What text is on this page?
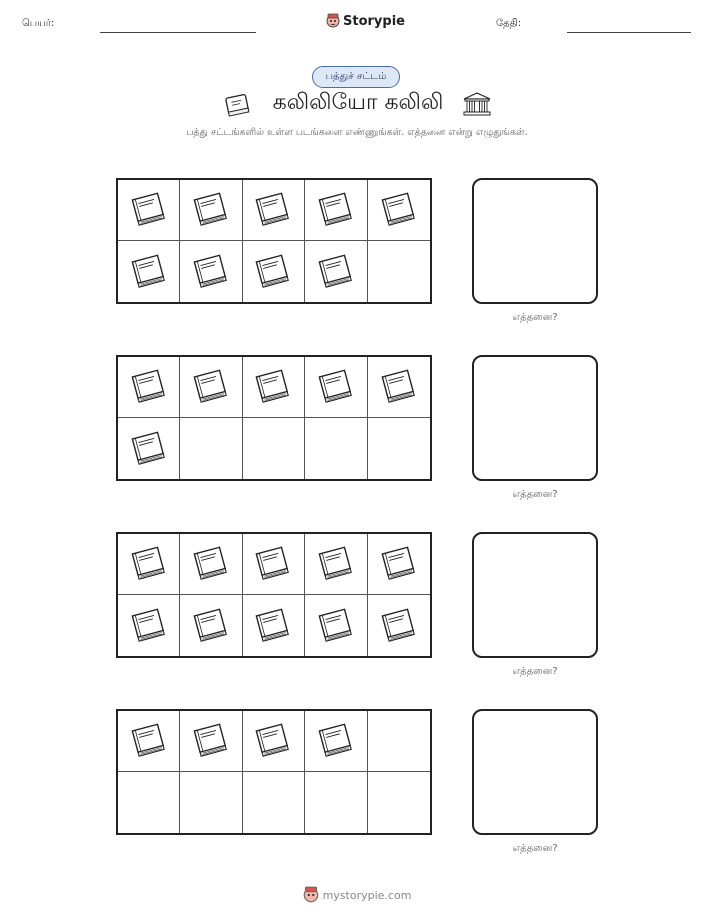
பெயர்:	Storypie	தேதி:
பத்துச் சட்டம்
கலிலியோ கலிலி
பத்து சட்டங்களில் உள்ள படங்களை எண்ணுங்கள். எத்தனை என்று எழுதுங்கள்.
எத்தனை?
எத்தனை?
எத்தனை?
எத்தனை?
mystorypie.com
